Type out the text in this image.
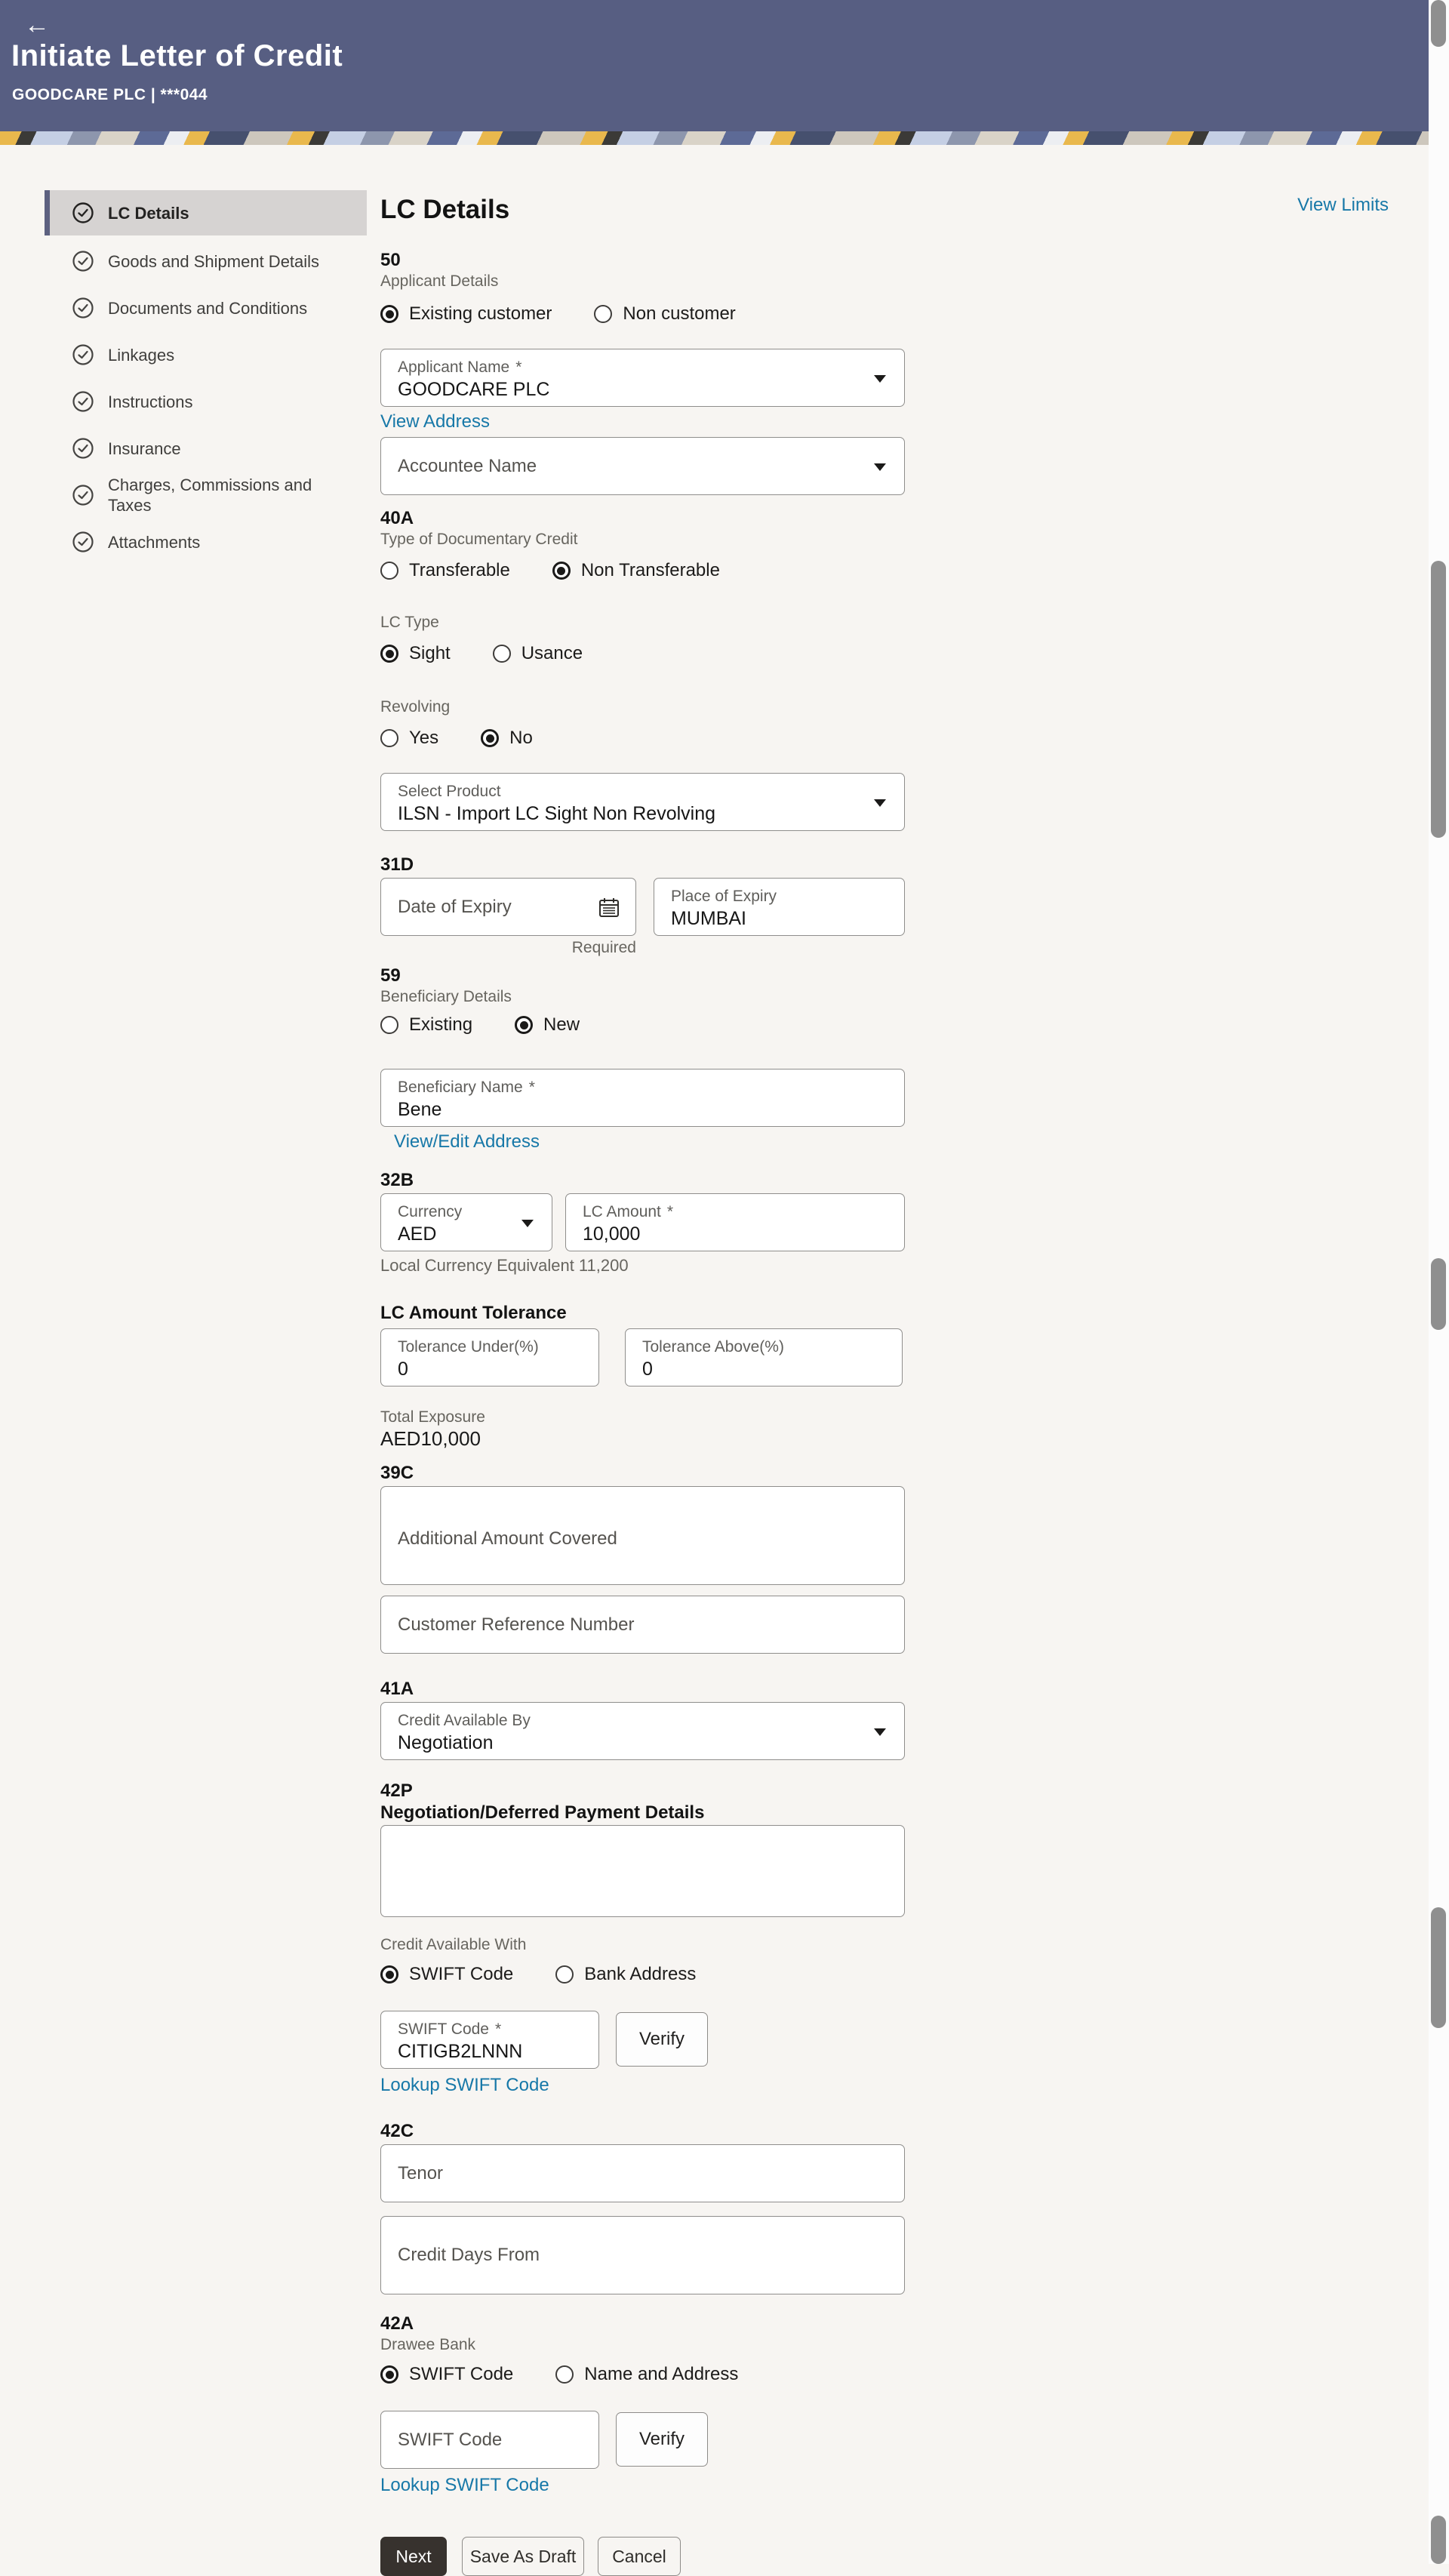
←
Initiate Letter of Credit
GOODCARE PLC | ***044
LC Details
Goods and Shipment Details
Documents and Conditions
Linkages
Instructions
Insurance
Charges, Commissions and Taxes
Attachments
View Limits
LC Details
50
Applicant Details
Existing customer	Non customer
Applicant Name *
GOODCARE PLC
View Address
Accountee Name
40A
Type of Documentary Credit
Transferable	Non Transferable
LC Type
Sight	Usance
Revolving
Yes	No
Select Product
ILSN - Import LC Sight Non Revolving
31D
Date of Expiry
Required
Place of Expiry
MUMBAI
59
Beneficiary Details
Existing	New
Beneficiary Name *
Bene
View/Edit Address
32B
Currency
AED
LC Amount *
10,000
Local Currency Equivalent 11,200
LC Amount Tolerance
Tolerance Under(%)
0
Tolerance Above(%)
0
Total Exposure
AED10,000
39C
Additional Amount Covered
Customer Reference Number
41A
Credit Available By
Negotiation
42P
Negotiation/Deferred Payment Details
Credit Available With
SWIFT Code	Bank Address
SWIFT Code *
CITIGB2LNNN
Verify
Lookup SWIFT Code
42C
Tenor
Credit Days From
42A
Drawee Bank
SWIFT Code	Name and Address
SWIFT Code	Verify
Lookup SWIFT Code
Next	Save As Draft	Cancel
